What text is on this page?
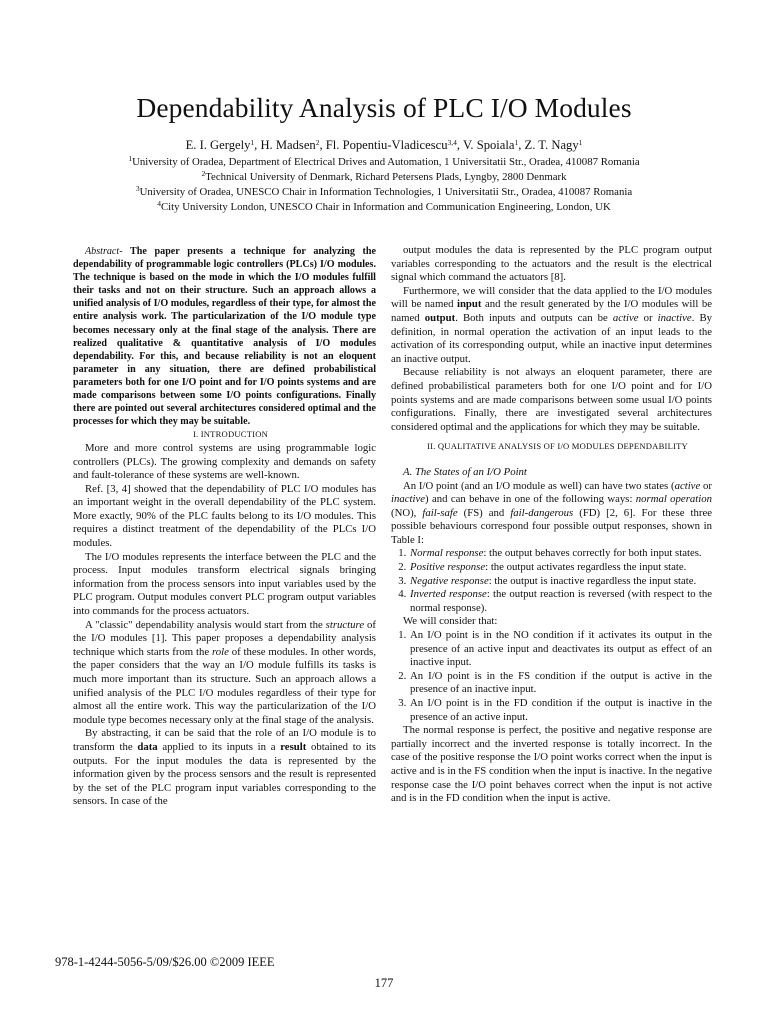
Dependability Analysis of PLC I/O Modules
E. I. Gergely$^1$, H. Madsen$^2$, Fl. Popentiu-Vladicescu$^{3,4}$, V. Spoiala$^1$, Z. T. Nagy$^1$
$^1$University of Oradea, Department of Electrical Drives and Automation, 1 Universitatii Str., Oradea, 410087 Romania
$^2$Technical University of Denmark, Richard Petersens Plads, Lyngby, 2800 Denmark
$^3$University of Oradea, UNESCO Chair in Information Technologies, 1 Universitatii Str., Oradea, 410087 Romania
$^4$City University London, UNESCO Chair in Information and Communication Engineering, London, UK

Abstract- The paper presents a technique for analyzing the dependability of programmable logic controllers (PLCs) I/O modules. The technique is based on the mode in which the I/O modules fulfill their tasks and not on their structure. Such an approach allows a unified analysis of I/O modules, regardless of their type, for almost the entire analysis work. The particularization of the I/O module type becomes necessary only at the final stage of the analysis. There are realized qualitative & quantitative analysis of I/O modules dependability. For this, and because reliability is not an eloquent parameter in any situation, there are defined probabilistical parameters both for one I/O point and for I/O points systems and are made comparisons between some I/O points configurations. Finally there are pointed out several architectures considered optimal and the processes for which they may be suitable.

I. INTRODUCTION

More and more control systems are using programmable logic controllers (PLCs). The growing complexity and demands on safety and fault-tolerance of these systems are well-known.

Ref. [3, 4] showed that the dependability of PLC I/O modules has an important weight in the overall dependability of the PLC system. More exactly, 90% of the PLC faults belong to its I/O modules. This requires a distinct treatment of the dependability of the PLCs I/O modules.

The I/O modules represents the interface between the PLC and the process. Input modules transform electrical signals bringing information from the process sensors into input variables used by the PLC program. Output modules convert PLC program output variables into commands for the process actuators.

A "classic" dependability analysis would start from the structure of the I/O modules [1]. This paper proposes a dependability analysis technique which starts from the role of these modules. In other words, the paper considers that the way an I/O module fulfills its tasks is much more important than its structure. Such an approach allows a unified analysis of the PLC I/O modules regardless of their type for almost all the entire work. This way the particularization of the I/O module type becomes necessary only at the final stage of the analysis.

By abstracting, it can be said that the role of an I/O module is to transform the data applied to its inputs in a result obtained to its outputs. For the input modules the data is represented by the information given by the process sensors and the result is represented by the set of the PLC program input variables corresponding to the sensors. In case of the

output modules the data is represented by the PLC program output variables corresponding to the actuators and the result is the electrical signal which command the actuators [8].

Furthermore, we will consider that the data applied to the I/O modules will be named input and the result generated by the I/O modules will be named output. Both inputs and outputs can be active or inactive. By definition, in normal operation the activation of an input leads to the activation of its corresponding output, while an inactive input determines an inactive output.

Because reliability is not always an eloquent parameter, there are defined probabilistical parameters both for one I/O point and for I/O points systems and are made comparisons between some usual I/O points configurations. Finally, there are investigated several architectures considered optimal and the applications for which they may be suitable.

II. QUALITATIVE ANALYSIS OF I/O MODULES DEPENDABILITY

A. The States of an I/O Point

An I/O point (and an I/O module as well) can have two states (active or inactive) and can behave in one of the following ways: normal operation (NO), fail-safe (FS) and fail-dangerous (FD) [2, 6]. For these three possible behaviours correspond four possible output responses, shown in Table I:

1. Normal response: the output behaves correctly for both input states.
2. Positive response: the output activates regardless the input state.
3. Negative response: the output is inactive regardless the input state.
4. Inverted response: the output reaction is reversed (with respect to the normal response).

We will consider that:

1. An I/O point is in the NO condition if it activates its output in the presence of an active input and deactivates its output as effect of an inactive input.
2. An I/O point is in the FS condition if the output is active in the presence of an inactive input.
3. An I/O point is in the FD condition if the output is inactive in the presence of an active input.

The normal response is perfect, the positive and negative response are partially incorrect and the inverted response is totally incorrect. In the case of the positive response the I/O point works correct when the input is active and is in the FS condition when the input is inactive. In the negative response case the I/O point behaves correct when the input is not active and is in the FD condition when the input is active.

978-1-4244-5056-5/09/$26.00 ©2009 IEEE
177
